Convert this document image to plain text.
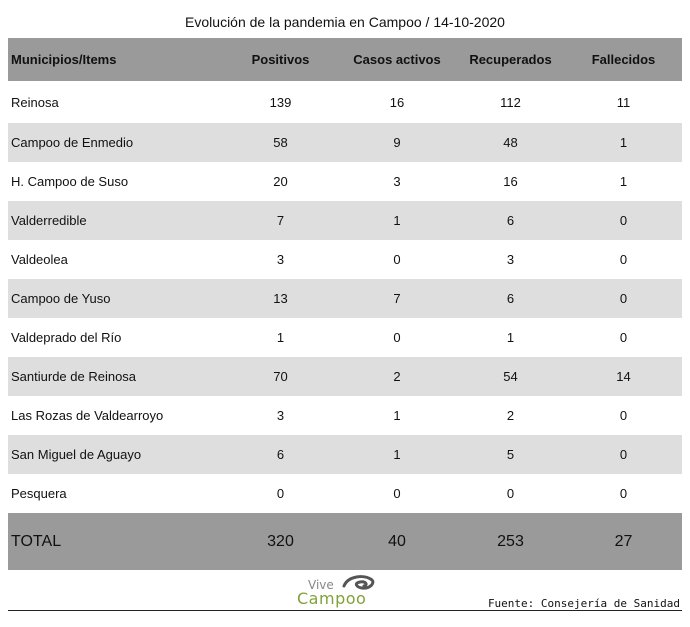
Evolución de la pandemia en Campoo / 14-10-2020
Municipios/Items	Positivos	Casos activos	Recuperados	Fallecidos
Reinosa	139	16	112	11
Campoo de Enmedio	58	9	48	1
H. Campoo de Suso	20	3	16	1
Valderredible	7	1	6	0
Valdeolea	3	0	3	0
Campoo de Yuso	13	7	6	0
Valdeprado del Río	1	0	1	0
Santiurde de Reinosa	70	2	54	14
Las Rozas de Valdearroyo	3	1	2	0
San Miguel de Aguayo	6	1	5	0
Pesquera	0	0	0	0
TOTAL	320	40	253	27
Vive
Campoo	Fuente: Consejería de Sanidad
